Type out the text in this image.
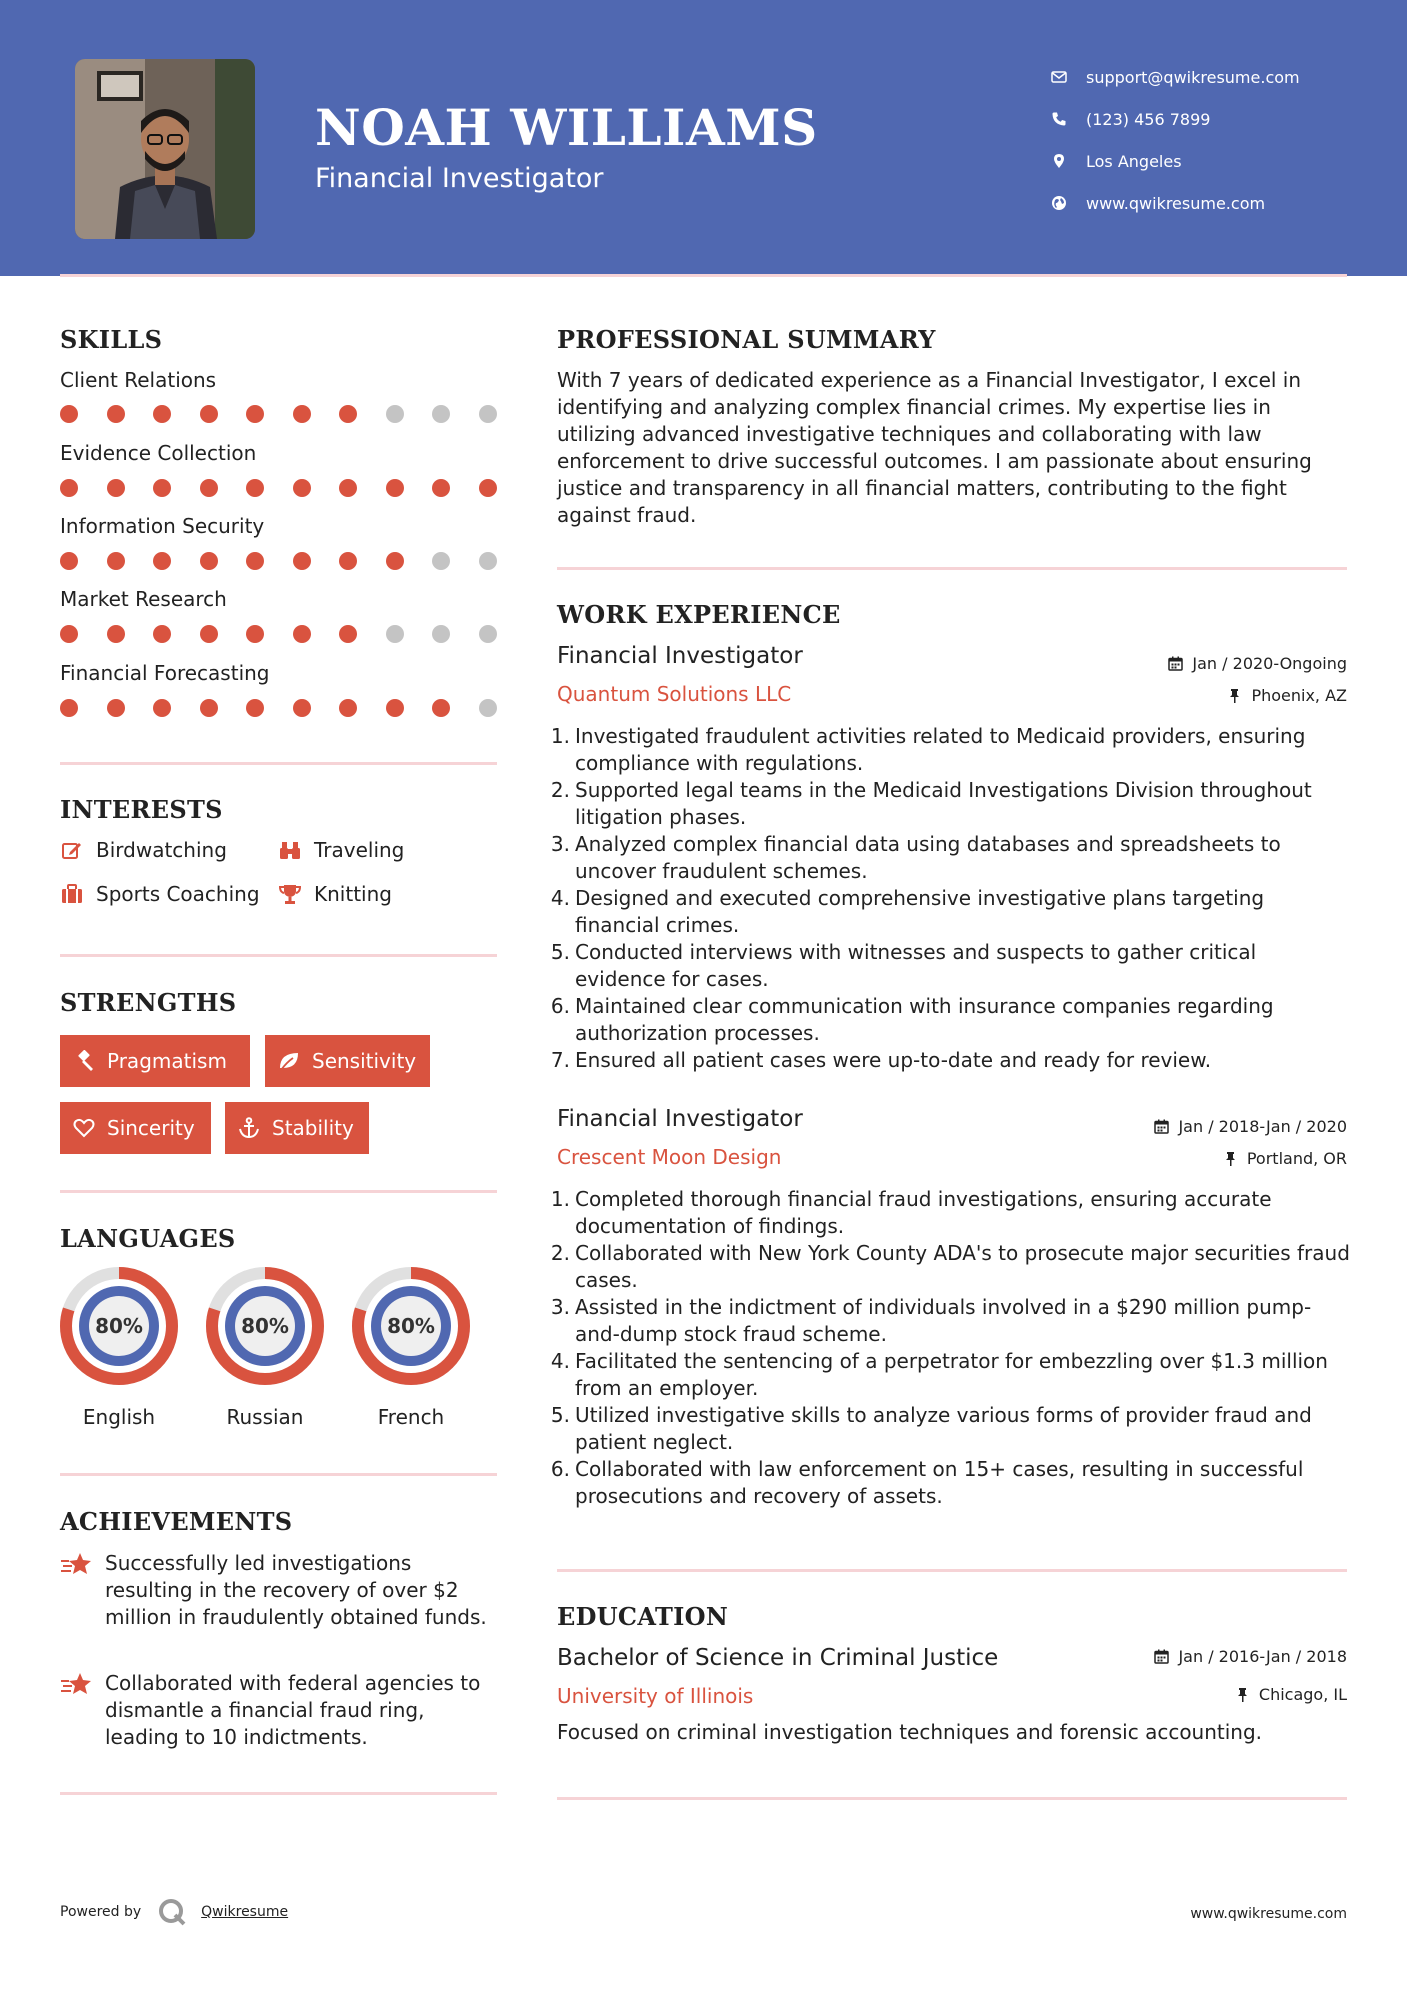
NOAH WILLIAMS
Financial Investigator
support@qwikresume.com
(123) 456 7899
Los Angeles
www.qwikresume.com
SKILLS
Client Relations
Evidence Collection
Information Security
Market Research
Financial Forecasting
INTERESTS
Birdwatching	Traveling
Sports Coaching	Knitting
STRENGTHS
Pragmatism	Sensitivity
Sincerity	Stability
LANGUAGES
80%
English
80%
Russian
80%
French
ACHIEVEMENTS
Successfully led investigations resulting in the recovery of over $2 million in fraudulently obtained funds.
Collaborated with federal agencies to dismantle a financial fraud ring, leading to 10 indictments.
PROFESSIONAL SUMMARY
With 7 years of dedicated experience as a Financial Investigator, I excel in identifying and analyzing complex financial crimes. My expertise lies in utilizing advanced investigative techniques and collaborating with law enforcement to drive successful outcomes. I am passionate about ensuring justice and transparency in all financial matters, contributing to the fight against fraud.
WORK EXPERIENCE
Financial Investigator	Jan / 2020-Ongoing
Quantum Solutions LLC	Phoenix, AZ
1. Investigated fraudulent activities related to Medicaid providers, ensuring compliance with regulations.
2. Supported legal teams in the Medicaid Investigations Division throughout litigation phases.
3. Analyzed complex financial data using databases and spreadsheets to uncover fraudulent schemes.
4. Designed and executed comprehensive investigative plans targeting financial crimes.
5. Conducted interviews with witnesses and suspects to gather critical evidence for cases.
6. Maintained clear communication with insurance companies regarding authorization processes.
7. Ensured all patient cases were up-to-date and ready for review.
Financial Investigator	Jan / 2018-Jan / 2020
Crescent Moon Design	Portland, OR
1. Completed thorough financial fraud investigations, ensuring accurate documentation of findings.
2. Collaborated with New York County ADA's to prosecute major securities fraud cases.
3. Assisted in the indictment of individuals involved in a $290 million pump-and-dump stock fraud scheme.
4. Facilitated the sentencing of a perpetrator for embezzling over $1.3 million from an employer.
5. Utilized investigative skills to analyze various forms of provider fraud and patient neglect.
6. Collaborated with law enforcement on 15+ cases, resulting in successful prosecutions and recovery of assets.
EDUCATION
Bachelor of Science in Criminal Justice	Jan / 2016-Jan / 2018
University of Illinois	Chicago, IL
Focused on criminal investigation techniques and forensic accounting.
Powered by	Qwikresume	www.qwikresume.com
